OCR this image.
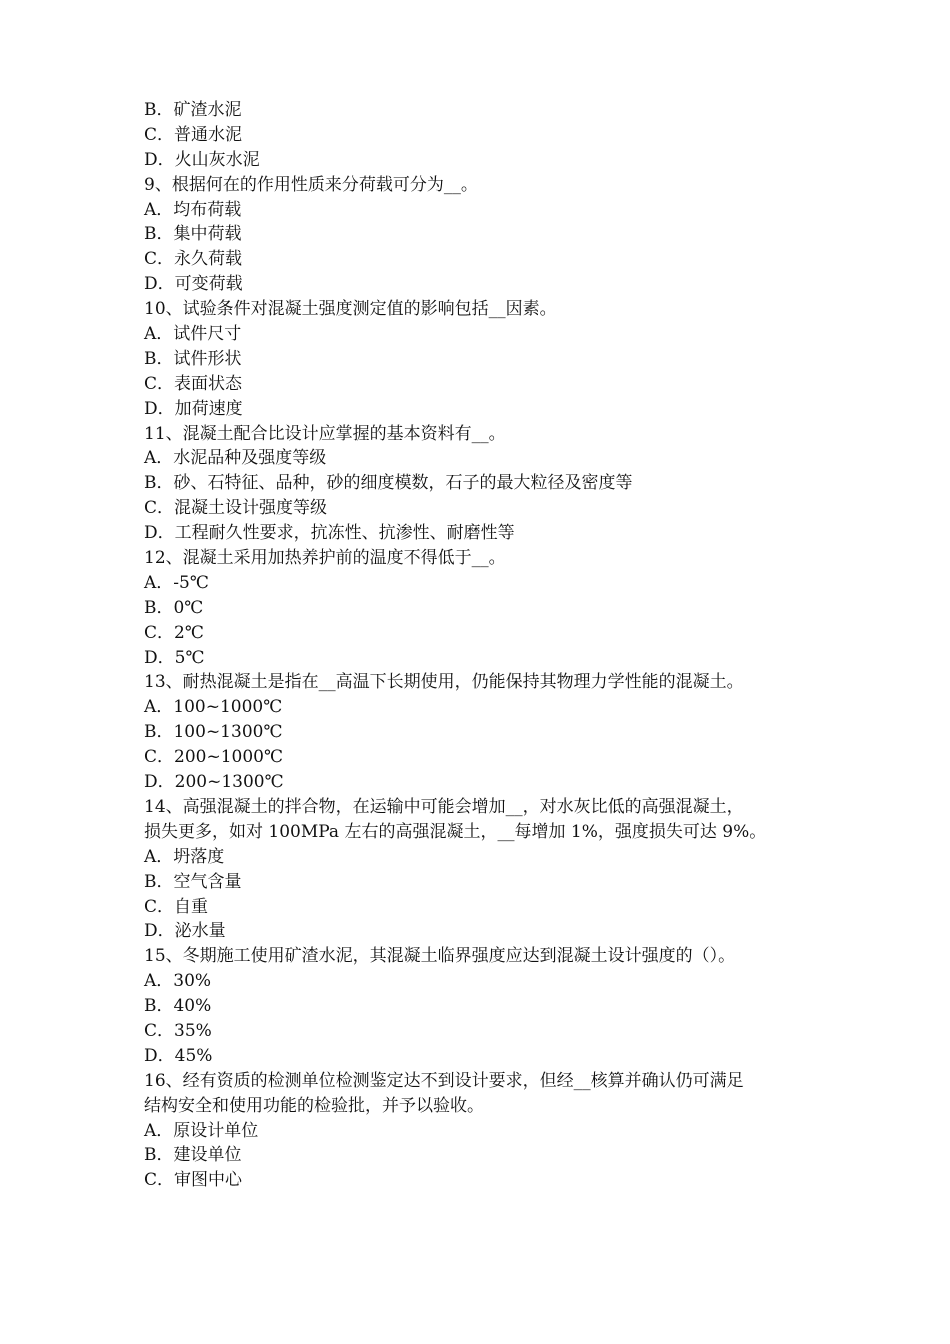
B．矿渣水泥
C．普通水泥
D．火山灰水泥
9、根据何在的作用性质来分荷载可分为__。
A．均布荷载
B．集中荷载
C．永久荷载
D．可变荷载
10、试验条件对混凝土强度测定值的影响包括__因素。
A．试件尺寸
B．试件形状
C．表面状态
D．加荷速度
11、混凝土配合比设计应掌握的基本资料有__。
A．水泥品种及强度等级
B．砂、石特征、品种，砂的细度模数，石子的最大粒径及密度等
C．混凝土设计强度等级
D．工程耐久性要求，抗冻性、抗渗性、耐磨性等
12、混凝土采用加热养护前的温度不得低于__。
A．-5℃
B．0℃
C．2℃
D．5℃
13、耐热混凝土是指在__高温下长期使用，仍能保持其物理力学性能的混凝土。
A．100~1000℃
B．100~1300℃
C．200~1000℃
D．200~1300℃
14、高强混凝土的拌合物，在运输中可能会增加__，对水灰比低的高强混凝土，
损失更多，如对 100MPa 左右的高强混凝土，__每增加 1%，强度损失可达 9%。
A．坍落度
B．空气含量
C．自重
D．泌水量
15、冬期施工使用矿渣水泥，其混凝土临界强度应达到混凝土设计强度的（）。
A．30%
B．40%
C．35%
D．45%
16、经有资质的检测单位检测鉴定达不到设计要求，但经__核算并确认仍可满足
结构安全和使用功能的检验批，并予以验收。
A．原设计单位
B．建设单位
C．审图中心
